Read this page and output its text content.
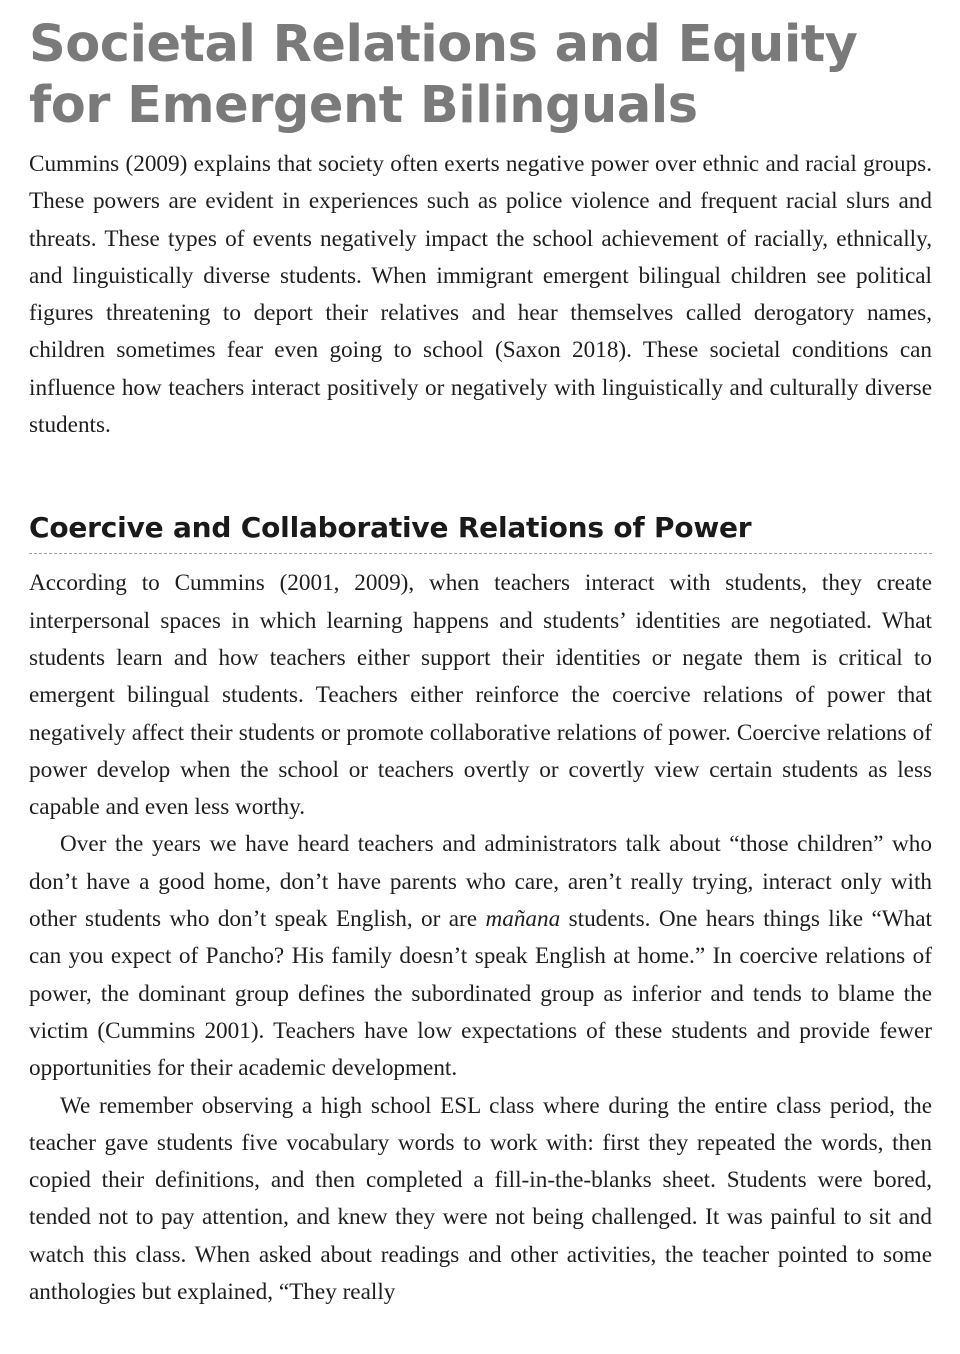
Societal Relations and Equity
for Emergent Bilinguals

Cummins (2009) explains that society often exerts negative power over ethnic and racial groups. These powers are evident in experiences such as police violence and frequent racial slurs and threats. These types of events negatively impact the school achievement of racially, ethnically, and linguistically diverse students. When immigrant emergent bilingual children see political figures threatening to deport their relatives and hear themselves called derogatory names, children sometimes fear even going to school (Saxon 2018). These societal conditions can influence how teachers interact positively or negatively with linguistically and culturally diverse students.

Coercive and Collaborative Relations of Power

According to Cummins (2001, 2009), when teachers interact with students, they create interpersonal spaces in which learning happens and students’ identities are negotiated. What students learn and how teachers either support their identities or negate them is critical to emergent bilingual students. Teachers either reinforce the coercive relations of power that negatively affect their students or promote collaborative relations of power. Coercive relations of power develop when the school or teachers overtly or covertly view certain students as less capable and even less worthy.

Over the years we have heard teachers and administrators talk about “those children” who don’t have a good home, don’t have parents who care, aren’t really trying, interact only with other students who don’t speak English, or are mañana students. One hears things like “What can you expect of Pancho? His family doesn’t speak English at home.” In coercive relations of power, the dominant group defines the subordinated group as inferior and tends to blame the victim (Cummins 2001). Teachers have low expectations of these students and provide fewer opportunities for their academic development.

We remember observing a high school ESL class where during the entire class period, the teacher gave students five vocabulary words to work with: first they repeated the words, then copied their definitions, and then completed a fill-in-the-blanks sheet. Students were bored, tended not to pay attention, and knew they were not being challenged. It was painful to sit and watch this class. When asked about readings and other activities, the teacher pointed to some anthologies but explained, “They really
